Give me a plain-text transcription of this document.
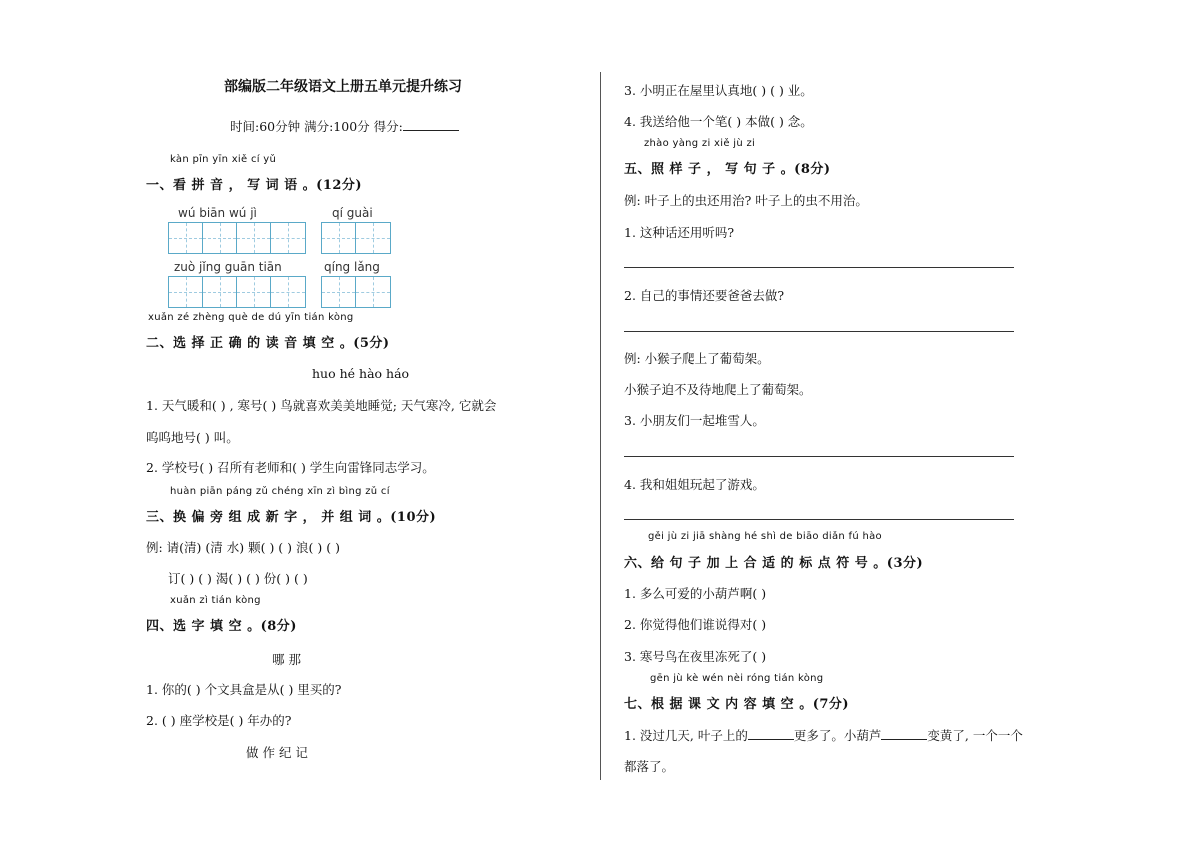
部编版二年级语文上册五单元提升练习
时间:60分钟 满分:100分 得分:
kàn pīn yīn xiě cí yǔ
一、看 拼 音 ， 写 词 语 。(12分)
wú biān wú jì	qí guài
zuò jǐng guān tiān	qíng lǎng
xuǎn zé zhèng què de dú yīn tián kòng
二、选 择 正 确 的 读 音 填 空 。(5分)
huo hé hào háo
1. 天气暖和( ) , 寒号( ) 鸟就喜欢美美地睡觉; 天气寒冷, 它就会
呜呜地号( ) 叫。
2. 学校号( ) 召所有老师和( ) 学生向雷锋同志学习。
huàn piān páng zǔ chéng xīn zì bìng zǔ cí
三、换 偏 旁 组 成 新 字 ， 并 组 词 。(10分)
例: 请(清) (清 水) 颗( ) ( ) 浪( ) ( )
订( ) ( ) 渴( ) ( ) 份( ) ( )
xuǎn zì tián kòng
四、选 字 填 空 。(8分)
哪 那
1. 你的( ) 个文具盒是从( ) 里买的?
2. ( ) 座学校是( ) 年办的?
做 作 纪 记
3. 小明正在屋里认真地( ) ( ) 业。
4. 我送给他一个笔( ) 本做( ) 念。
zhào yàng zi xiě jù zi
五、照 样 子 ， 写 句 子 。(8分)
例: 叶子上的虫还用治? 叶子上的虫不用治。
1. 这种话还用听吗?
2. 自己的事情还要爸爸去做?
例: 小猴子爬上了葡萄架。
小猴子迫不及待地爬上了葡萄架。
3. 小朋友们一起堆雪人。
4. 我和姐姐玩起了游戏。
gěi jù zi jiā shàng hé shì de biāo diǎn fú hào
六、给 句 子 加 上 合 适 的 标 点 符 号 。(3分)
1. 多么可爱的小葫芦啊( )
2. 你觉得他们谁说得对( )
3. 寒号鸟在夜里冻死了( )
gēn jù kè wén nèi róng tián kòng
七、根 据 课 文 内 容 填 空 。(7分)
1. 没过几天, 叶子上的	更多了。小葫芦	变黄了, 一个一个
都落了。
